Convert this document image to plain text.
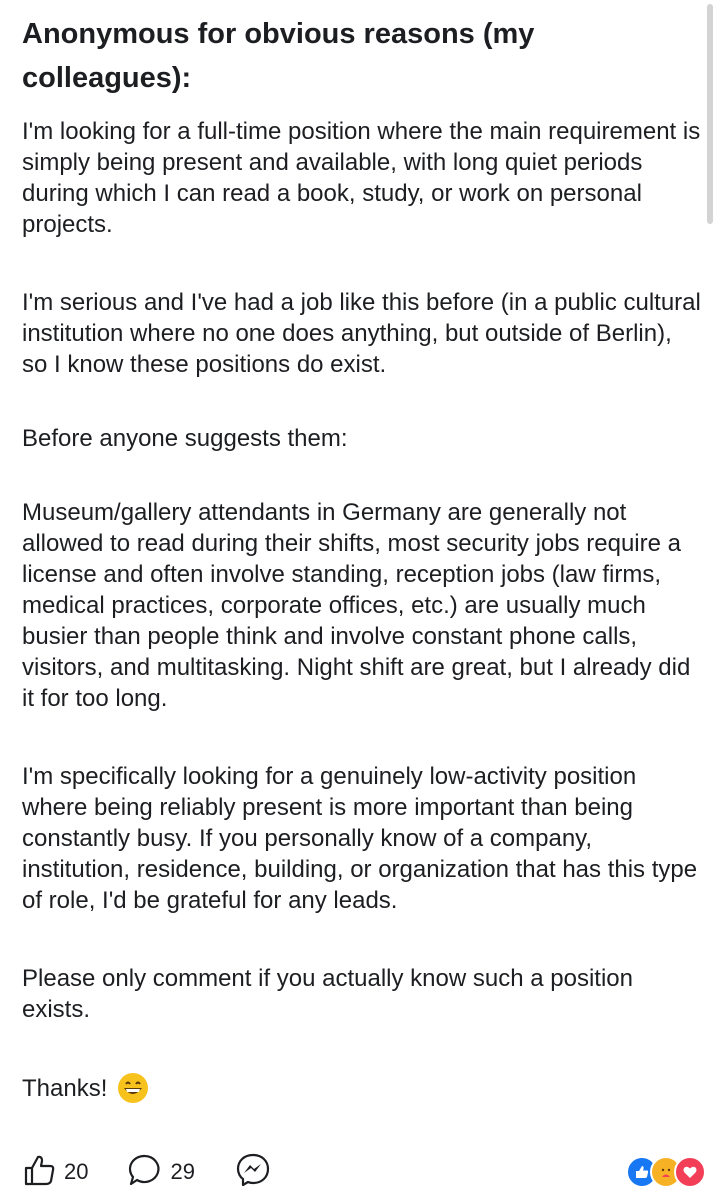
Anonymous for obvious reasons (my colleagues):

I'm looking for a full-time position where the main requirement is simply being present and available, with long quiet periods during which I can read a book, study, or work on personal projects.

I'm serious and I've had a job like this before (in a public cultural institution where no one does anything, but outside of Berlin), so I know these positions do exist.

Before anyone suggests them:

Museum/gallery attendants in Germany are generally not allowed to read during their shifts, most security jobs require a license and often involve standing, reception jobs (law firms, medical practices, corporate offices, etc.) are usually much busier than people think and involve constant phone calls, visitors, and multitasking. Night shift are great, but I already did it for too long.

I'm specifically looking for a genuinely low-activity position where being reliably present is more important than being constantly busy. If you personally know of a company, institution, residence, building, or organization that has this type of role, I'd be grateful for any leads.

Please only comment if you actually know such a position exists.

Thanks!
20	29
